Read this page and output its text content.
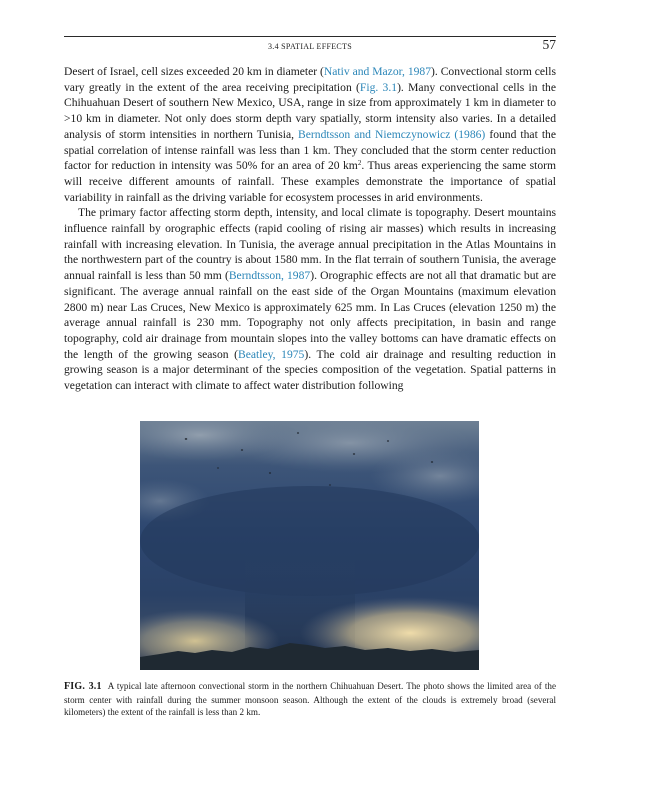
3.4 SPATIAL EFFECTS	57

Desert of Israel, cell sizes exceeded 20 km in diameter (Nativ and Mazor, 1987). Convectional storm cells vary greatly in the extent of the area receiving precipitation (Fig. 3.1). Many convectional cells in the Chihuahuan Desert of southern New Mexico, USA, range in size from approximately 1 km in diameter to >10 km in diameter. Not only does storm depth vary spatially, storm intensity also varies. In a detailed analysis of storm intensities in northern Tunisia, Berndtsson and Niemczynowicz (1986) found that the spatial correlation of intense rainfall was less than 1 km. They concluded that the storm center reduction factor for reduction in intensity was 50% for an area of 20 $km^2$. Thus areas experiencing the same storm will receive different amounts of rainfall. These examples demonstrate the importance of spatial variability in rainfall as the driving variable for ecosystem processes in arid environments.

The primary factor affecting storm depth, intensity, and local climate is topography. Desert mountains influence rainfall by orographic effects (rapid cooling of rising air masses) which results in increasing rainfall with increasing elevation. In Tunisia, the average annual precipitation in the Atlas Mountains in the northwestern part of the country is about 1580 mm. In the flat terrain of southern Tunisia, the average annual rainfall is less than 50 mm (Berndtsson, 1987). Orographic effects are not all that dramatic but are significant. The average annual rainfall on the east side of the Organ Mountains (maximum elevation 2800 m) near Las Cruces, New Mexico is approximately 625 mm. In Las Cruces (elevation 1250 m) the average annual rainfall is 230 mm. Topography not only affects precipitation, in basin and range topography, cold air drainage from mountain slopes into the valley bottoms can have dramatic effects on the length of the growing season (Beatley, 1975). The cold air drainage and resulting reduction in growing season is a major determinant of the species composition of the vegetation. Spatial patterns in vegetation can interact with climate to affect water distribution following

FIG. 3.1 A typical late afternoon convectional storm in the northern Chihuahuan Desert. The photo shows the limited area of the storm center with rainfall during the summer monsoon season. Although the extent of the clouds is extremely broad (several kilometers) the extent of the rainfall is less than 2 km.
